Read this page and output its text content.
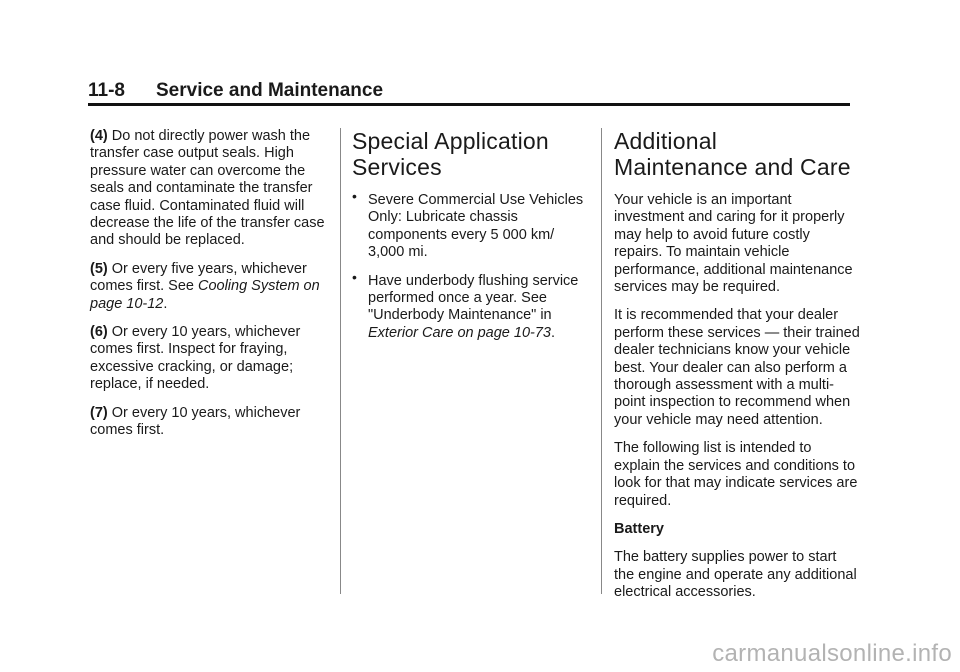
11-8 Service and Maintenance

(4) Do not directly power wash the transfer case output seals. High pressure water can overcome the seals and contaminate the transfer case fluid. Contaminated fluid will decrease the life of the transfer case and should be replaced.

(5) Or every five years, whichever comes first. See Cooling System on page 10-12.

(6) Or every 10 years, whichever comes first. Inspect for fraying, excessive cracking, or damage; replace, if needed.

(7) Or every 10 years, whichever comes first.

Special Application
Services
• Severe Commercial Use Vehicles Only: Lubricate chassis components every 5 000 km/ 3,000 mi.
• Have underbody flushing service performed once a year. See "Underbody Maintenance" in Exterior Care on page 10-73.
Additional
Maintenance and Care

Your vehicle is an important investment and caring for it properly may help to avoid future costly repairs. To maintain vehicle performance, additional maintenance services may be required.

It is recommended that your dealer perform these services — their trained dealer technicians know your vehicle best. Your dealer can also perform a thorough assessment with a multi-point inspection to recommend when your vehicle may need attention.

The following list is intended to explain the services and conditions to look for that may indicate services are required.

Battery

The battery supplies power to start the engine and operate any additional electrical accessories.

carmanualsonline.info
